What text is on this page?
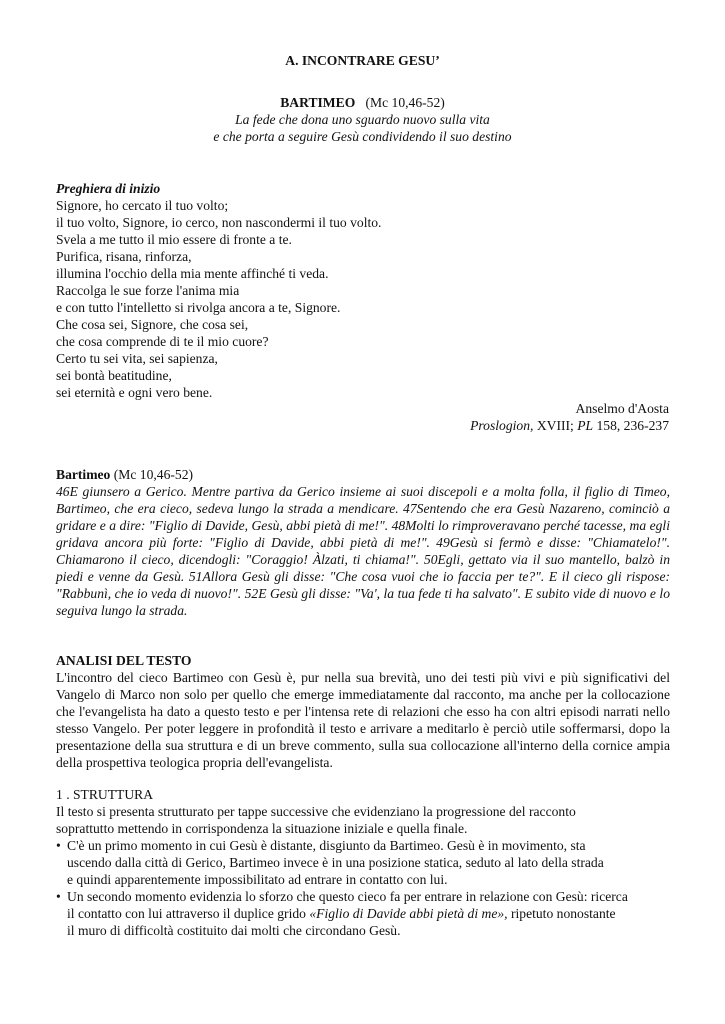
A. INCONTRARE GESU’
BARTIMEO (Mc 10,46-52)
La fede che dona uno sguardo nuovo sulla vita
e che porta a seguire Gesù condividendo il suo destino
Preghiera di inizio
Signore, ho cercato il tuo volto;
il tuo volto, Signore, io cerco, non nascondermi il tuo volto.
Svela a me tutto il mio essere di fronte a te.
Purifica, risana, rinforza,
illumina l'occhio della mia mente affinché ti veda.
Raccolga le sue forze l'anima mia
e con tutto l'intelletto si rivolga ancora a te, Signore.
Che cosa sei, Signore, che cosa sei,
che cosa comprende di te il mio cuore?
Certo tu sei vita, sei sapienza,
sei bontà beatitudine,
sei eternità e ogni vero bene.
Anselmo d'Aosta
Proslogion, XVIII; PL 158, 236-237
Bartimeo (Mc 10,46-52)
46E giunsero a Gerico. Mentre partiva da Gerico insieme ai suoi discepoli e a molta folla, il figlio di Timeo, Bartimeo, che era cieco, sedeva lungo la strada a mendicare. 47Sentendo che era Gesù Nazareno, cominciò a gridare e a dire: "Figlio di Davide, Gesù, abbi pietà di me!". 48Molti lo rimproveravano perché tacesse, ma egli gridava ancora più forte: "Figlio di Davide, abbi pietà di me!". 49Gesù si fermò e disse: "Chiamatelo!". Chiamarono il cieco, dicendogli: "Coraggio! Àlzati, ti chiama!". 50Egli, gettato via il suo mantello, balzò in piedi e venne da Gesù. 51Allora Gesù gli disse: "Che cosa vuoi che io faccia per te?". E il cieco gli rispose: "Rabbunì, che io veda di nuovo!". 52E Gesù gli disse: "Va', la tua fede ti ha salvato". E subito vide di nuovo e lo seguiva lungo la strada.
ANALISI DEL TESTO
L'incontro del cieco Bartimeo con Gesù è, pur nella sua brevità, uno dei testi più vivi e più significativi del Vangelo di Marco non solo per quello che emerge immediatamente dal racconto, ma anche per la collocazione che l'evangelista ha dato a questo testo e per l'intensa rete di relazioni che esso ha con altri episodi narrati nello stesso Vangelo. Per poter leggere in profondità il testo e arrivare a meditarlo è perciò utile soffermarsi, dopo la presentazione della sua struttura e di un breve commento, sulla sua collocazione all'interno della cornice ampia della prospettiva teologica propria dell'evangelista.
1 . STRUTTURA
Il testo si presenta strutturato per tappe successive che evidenziano la progressione del racconto
soprattutto mettendo in corrispondenza la situazione iniziale e quella finale.
• C'è un primo momento in cui Gesù è distante, disgiunto da Bartimeo. Gesù è in movimento, sta
uscendo dalla città di Gerico, Bartimeo invece è in una posizione statica, seduto al lato della strada
e quindi apparentemente impossibilitato ad entrare in contatto con lui.
• Un secondo momento evidenzia lo sforzo che questo cieco fa per entrare in relazione con Gesù: ricerca
il contatto con lui attraverso il duplice grido «Figlio di Davide abbi pietà di me», ripetuto nonostante
il muro di difficoltà costituito dai molti che circondano Gesù.
